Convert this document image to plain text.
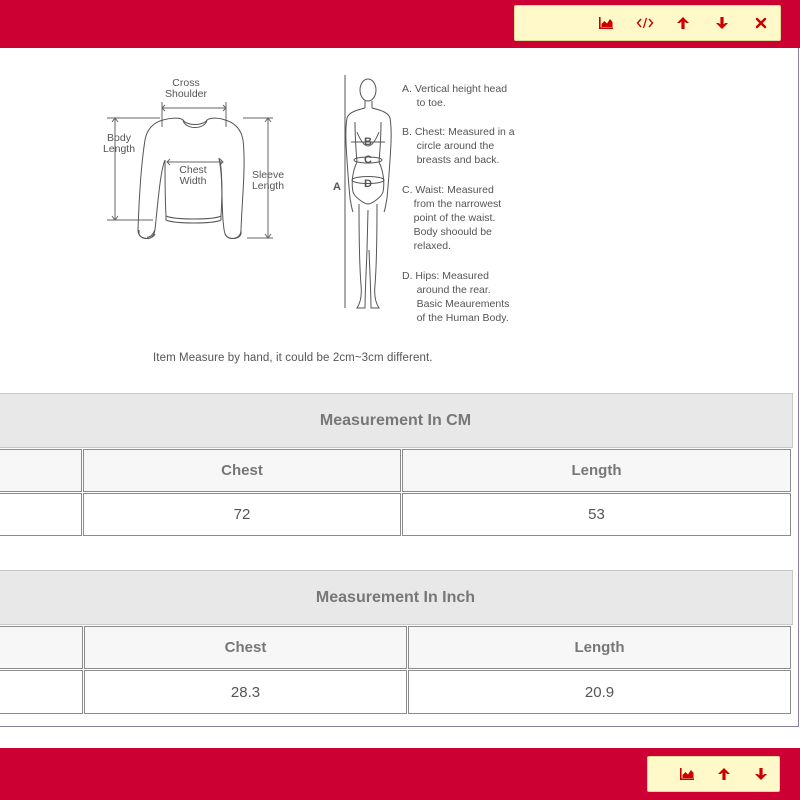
Cross
Shoulder
Body
Length
Chest
Width	Sleeve
Length	A
B
C
D
A. Vertical height head
to toe.
B. Chest: Measured in a
circle around the
breasts and back.
C. Waist: Measured
from the narrowest
point of the waist.
Body shoould be
relaxed.
D. Hips: Measured
around the rear.
Basic Meaurements
of the Human Body.
Item Measure by hand, it could be 2cm~3cm different.
Measurement In CM
Chest	Length
72	53
Measurement In Inch
Chest	Length
28.3	20.9
